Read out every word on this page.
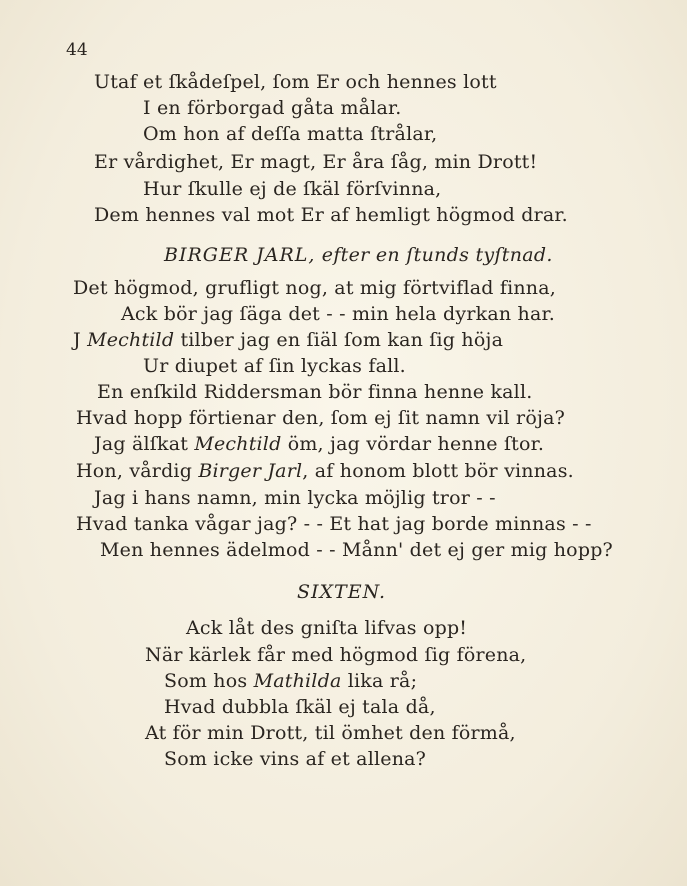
44
Utaf et ſkådeſpel, ſom Er och hennes lott
I en förborgad gåta målar.
Om hon af deſſa matta ſtrålar,
Er vårdighet, Er magt, Er åra ſåg, min Drott!
Hur ſkulle ej de ſkäl förſvinna,
Dem hennes val mot Er af hemligt högmod drar.
BIRGER JARL, efter en ſtunds tyſtnad.
Det högmod, grufligt nog, at mig förtviflad finna,
Ack bör jag ſäga det - - min hela dyrkan har.
J Mechtild tilber jag en ſiäl ſom kan ſig höja
Ur diupet af ſin lyckas fall.
En enſkild Riddersman bör finna henne kall.
Hvad hopp förtienar den, ſom ej ſit namn vil röja?
Jag älſkat Mechtild öm, jag vördar henne ſtor.
Hon, vårdig Birger Jarl, af honom blott bör vinnas.
Jag i hans namn, min lycka möjlig tror - -
Hvad tanka vågar jag? - - Et hat jag borde minnas - -
Men hennes ädelmod - - Månn' det ej ger mig hopp?
SIXTEN.
Ack låt des gniſta lifvas opp!
När kärlek får med högmod ſig förena,
Som hos Mathilda lika rå;
Hvad dubbla ſkäl ej tala då,
At för min Drott, til ömhet den förmå,
Som icke vins af et allena?
